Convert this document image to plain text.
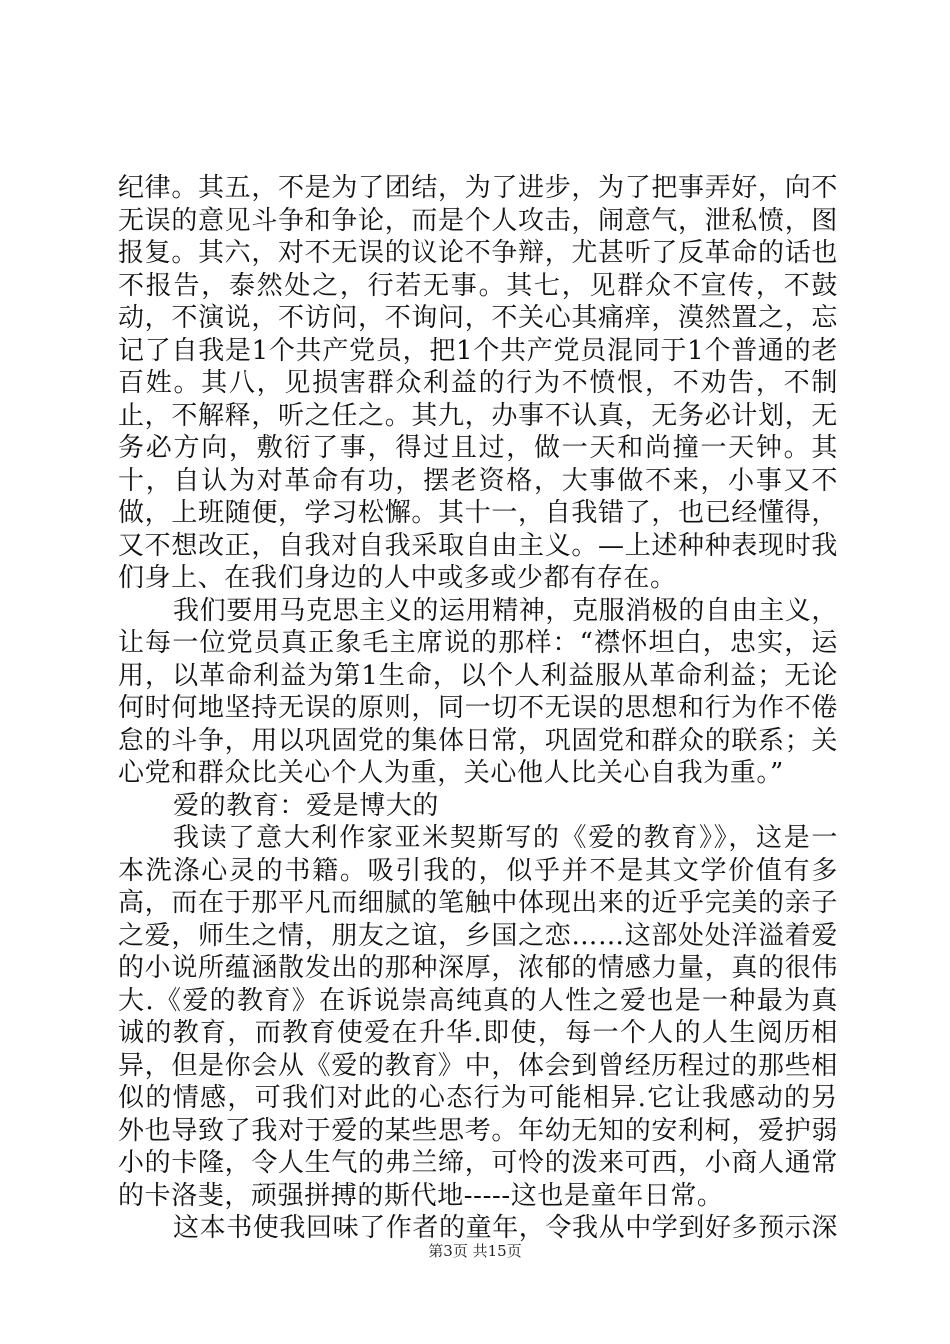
纪律。其五，不是为了团结，为了进步，为了把事弄好，向不无误的意见斗争和争论，而是个人攻击，闹意气，泄私愤，图报复。其六，对不无误的议论不争辩，尤甚听了反革命的话也不报告，泰然处之，行若无事。其七，见群众不宣传，不鼓动，不演说，不访问，不询问，不关心其痛痒，漠然置之，忘记了自我是1个共产党员，把1个共产党员混同于1个普通的老百姓。其八，见损害群众利益的行为不愤恨，不劝告，不制止，不解释，听之任之。其九，办事不认真，无务必计划，无务必方向，敷衍了事，得过且过，做一天和尚撞一天钟。其十，自认为对革命有功，摆老资格，大事做不来，小事又不做，上班随便，学习松懈。其十一，自我错了，也已经懂得，又不想改正，自我对自我采取自由主义。—上述种种表现时我们身上、在我们身边的人中或多或少都有存在。

我们要用马克思主义的运用精神，克服消极的自由主义，让每一位党员真正象毛主席说的那样：“襟怀坦白，忠实，运用，以革命利益为第1生命，以个人利益服从革命利益；无论何时何地坚持无误的原则，同一切不无误的思想和行为作不倦怠的斗争，用以巩固党的集体日常，巩固党和群众的联系；关心党和群众比关心个人为重，关心他人比关心自我为重。”

爱的教育：爱是博大的

我读了意大利作家亚米契斯写的《爱的教育》》，这是一本洗涤心灵的书籍。吸引我的，似乎并不是其文学价值有多高，而在于那平凡而细腻的笔触中体现出来的近乎完美的亲子之爱，师生之情，朋友之谊，乡国之恋……这部处处洋溢着爱的小说所蕴涵散发出的那种深厚，浓郁的情感力量，真的很伟大.《爱的教育》在诉说崇高纯真的人性之爱也是一种最为真诚的教育，而教育使爱在升华.即使，每一个人的人生阅历相异，但是你会从《爱的教育》中，体会到曾经历程过的那些相似的情感，可我们对此的心态行为可能相异.它让我感动的另外也导致了我对于爱的某些思考。年幼无知的安利柯，爱护弱小的卡隆，令人生气的弗兰缔，可怜的泼来可西，小商人通常的卡洛斐，顽强拼搏的斯代地-----这也是童年日常。

这本书使我回味了作者的童年，令我从中学到好多预示深

第3页 共15页
